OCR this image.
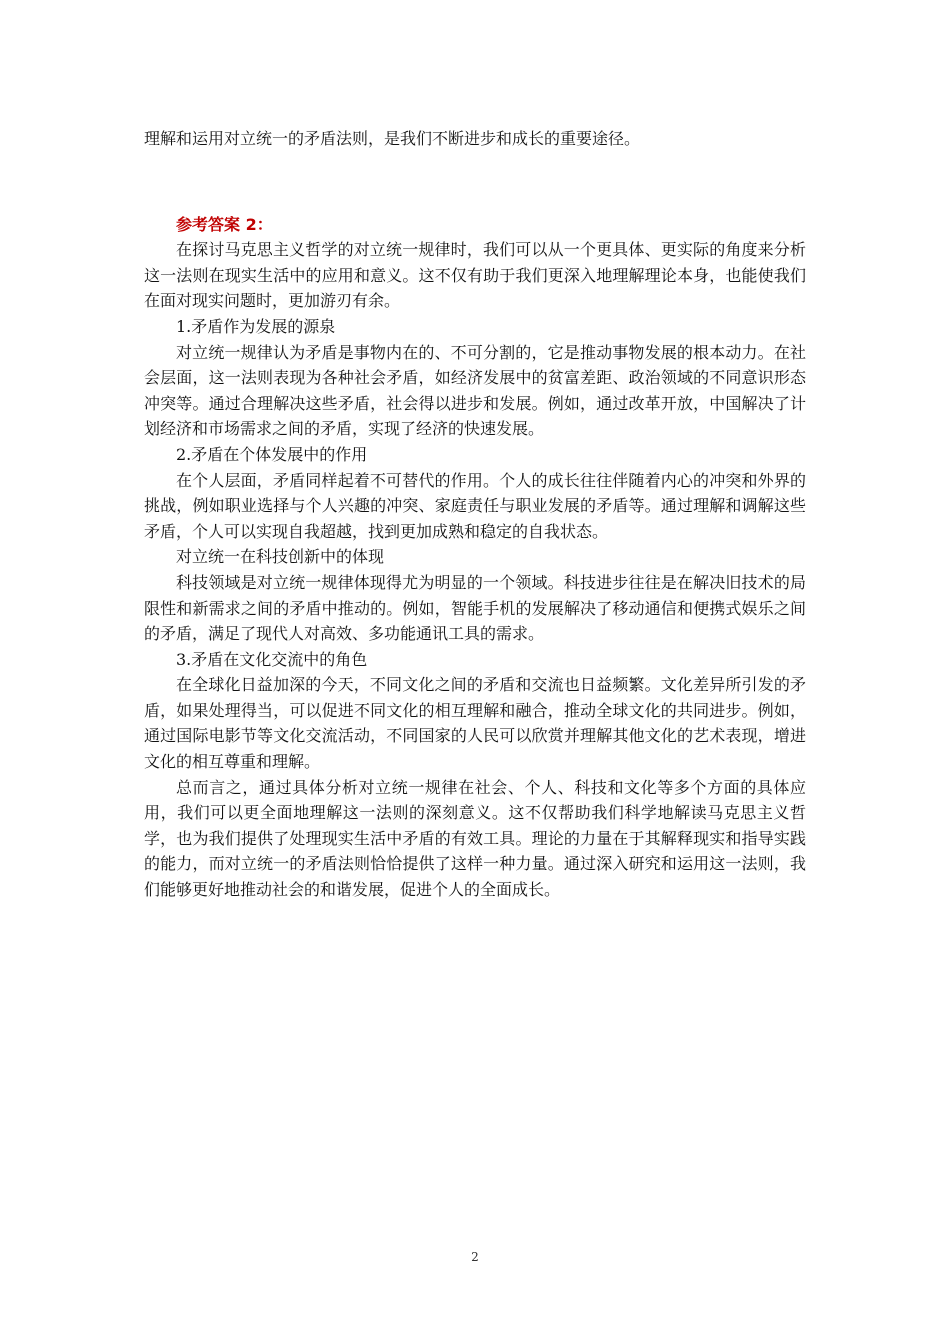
理解和运用对立统一的矛盾法则，是我们不断进步和成长的重要途径。

参考答案 2：

在探讨马克思主义哲学的对立统一规律时，我们可以从一个更具体、更实际的角度来分析这一法则在现实生活中的应用和意义。这不仅有助于我们更深入地理解理论本身，也能使我们在面对现实问题时，更加游刃有余。

1.矛盾作为发展的源泉

对立统一规律认为矛盾是事物内在的、不可分割的，它是推动事物发展的根本动力。在社会层面，这一法则表现为各种社会矛盾，如经济发展中的贫富差距、政治领域的不同意识形态冲突等。通过合理解决这些矛盾，社会得以进步和发展。例如，通过改革开放，中国解决了计划经济和市场需求之间的矛盾，实现了经济的快速发展。

2.矛盾在个体发展中的作用

在个人层面，矛盾同样起着不可替代的作用。个人的成长往往伴随着内心的冲突和外界的挑战，例如职业选择与个人兴趣的冲突、家庭责任与职业发展的矛盾等。通过理解和调解这些矛盾，个人可以实现自我超越，找到更加成熟和稳定的自我状态。

对立统一在科技创新中的体现

科技领域是对立统一规律体现得尤为明显的一个领域。科技进步往往是在解决旧技术的局限性和新需求之间的矛盾中推动的。例如，智能手机的发展解决了移动通信和便携式娱乐之间的矛盾，满足了现代人对高效、多功能通讯工具的需求。

3.矛盾在文化交流中的角色

在全球化日益加深的今天，不同文化之间的矛盾和交流也日益频繁。文化差异所引发的矛盾，如果处理得当，可以促进不同文化的相互理解和融合，推动全球文化的共同进步。例如，通过国际电影节等文化交流活动，不同国家的人民可以欣赏并理解其他文化的艺术表现，增进文化的相互尊重和理解。

总而言之，通过具体分析对立统一规律在社会、个人、科技和文化等多个方面的具体应用，我们可以更全面地理解这一法则的深刻意义。这不仅帮助我们科学地解读马克思主义哲学，也为我们提供了处理现实生活中矛盾的有效工具。理论的力量在于其解释现实和指导实践的能力，而对立统一的矛盾法则恰恰提供了这样一种力量。通过深入研究和运用这一法则，我们能够更好地推动社会的和谐发展，促进个人的全面成长。

2
